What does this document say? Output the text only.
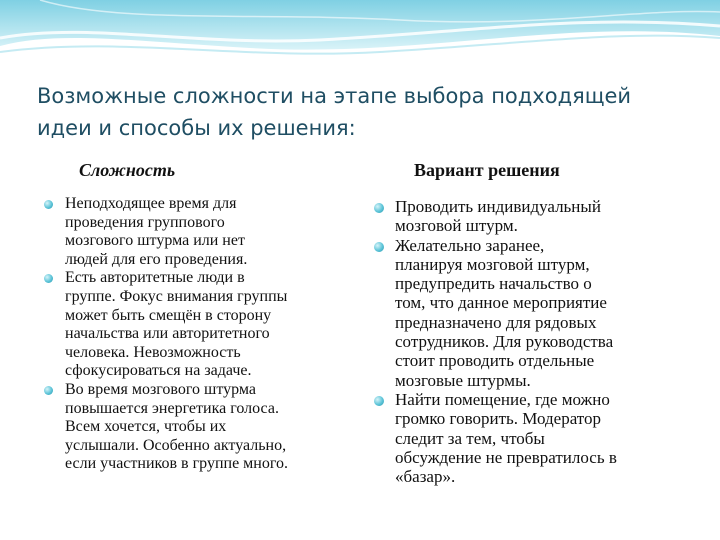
Возможные сложности на этапе выбора подходящей
идеи и способы их решения:
Сложность	Вариант решения
Неподходящее время для
проведения группового
мозгового штурма или нет
людей для его проведения.
Есть авторитетные люди в
группе. Фокус внимания группы
может быть смещён в сторону
начальства или авторитетного
человека. Невозможность
сфокусироваться на задаче.
Во время мозгового штурма
повышается энергетика голоса.
Всем хочется, чтобы их
услышали. Особенно актуально,
если участников в группе много.
Проводить индивидуальный
мозговой штурм.
Желательно заранее,
планируя мозговой штурм,
предупредить начальство о
том, что данное мероприятие
предназначено для рядовых
сотрудников. Для руководства
стоит проводить отдельные
мозговые штурмы.
Найти помещение, где можно
громко говорить. Модератор
следит за тем, чтобы
обсуждение не превратилось в
«базар».
